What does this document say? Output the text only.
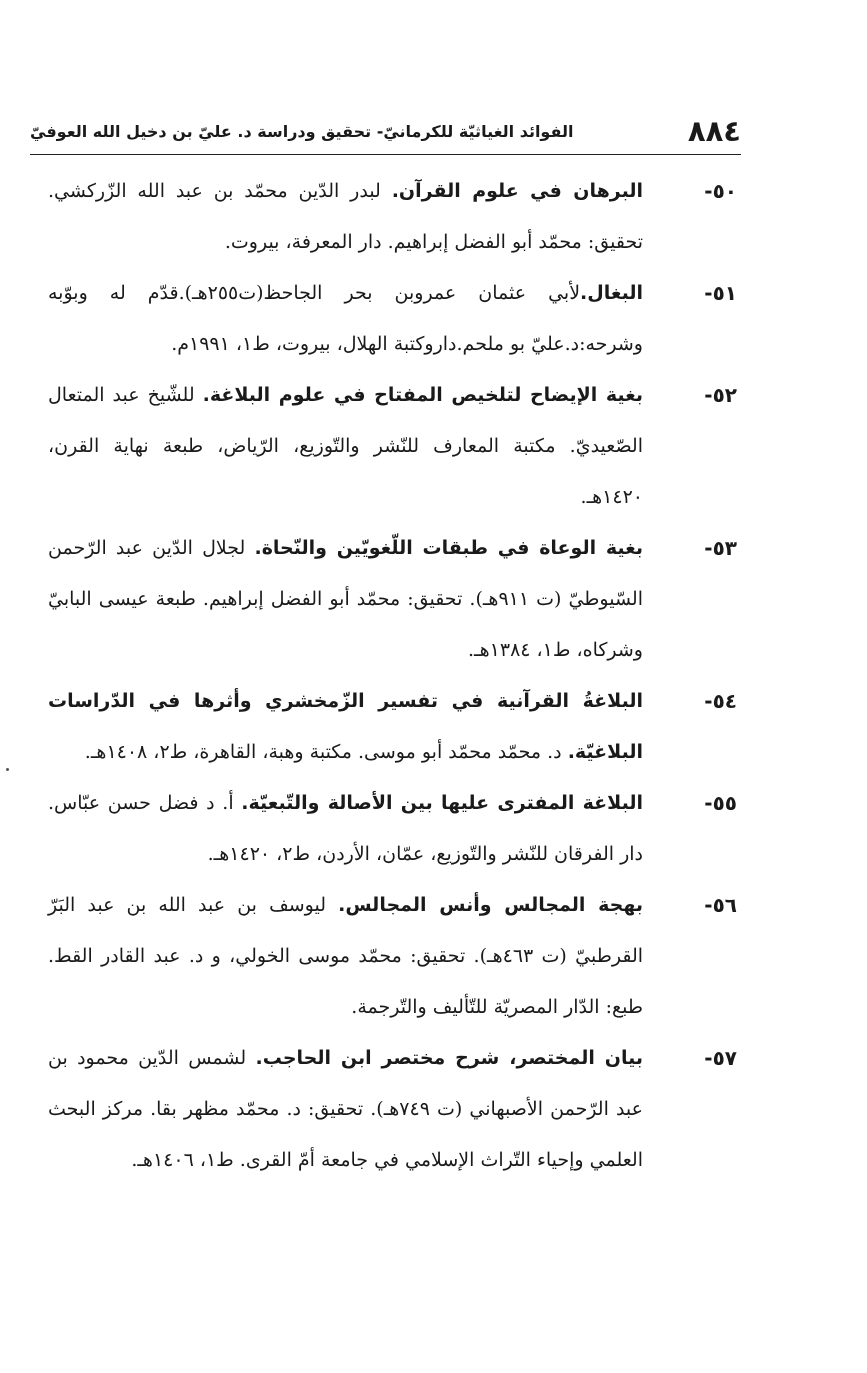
٨٨٤
الفوائد الغياثيّة للكرمانيّ- تحقيق ودراسة د. عليّ بن دخيل الله العوفيّ
٥٠-
البرهان في علوم القرآن. لبدر الدّين محمّد بن عبد الله الزّركشي. تحقيق: محمّد أبو الفضل إبراهيم. دار المعرفة، بيروت.
٥١-
البغال.لأبي عثمان عمروبن بحر الجاحظ(ت٢٥٥هـ).قدّم له وبوّبه وشرحه:د.عليّ بو ملحم.داروكتبة الهلال، بيروت، ط١، ١٩٩١م.
٥٢-
بغية الإيضاح لتلخيص المفتاح في علوم البلاغة. للشّيخ عبد المتعال الصّعيديّ. مكتبة المعارف للنّشر والتّوزيع، الرّياض، طبعة نهاية القرن، ١٤٢٠هـ.
٥٣-
بغية الوعاة في طبقات اللّغويّين والنّحاة. لجلال الدّين عبد الرّحمن السّيوطيّ (ت ٩١١هـ). تحقيق: محمّد أبو الفضل إبراهيم. طبعة عيسى البابيّ وشركاه، ط١، ١٣٨٤هـ.
٥٤-
البلاغةُ القرآنية في تفسير الزّمخشري وأثرها في الدّراسات البلاغيّة. د. محمّد محمّد أبو موسى. مكتبة وهبة، القاهرة، ط٢، ١٤٠٨هـ.
٥٥-
البلاغة المفترى عليها بين الأصالة والتّبعيّة. أ. د فضل حسن عبّاس. دار الفرقان للنّشر والتّوزيع، عمّان، الأردن، ط٢، ١٤٢٠هـ.
٥٦-
بهجة المجالس وأنس المجالس. ليوسف بن عبد الله بن عبد البَرّ القرطبيّ (ت ٤٦٣هـ). تحقيق: محمّد موسى الخولي، و د. عبد القادر القط. طبع: الدّار المصريّة للتّأليف والتّرجمة.
٥٧-
بيان المختصر، شرح مختصر ابن الحاجب. لشمس الدّين محمود بن عبد الرّحمن الأصبهاني (ت ٧٤٩هـ). تحقيق: د. محمّد مظهر بقا. مركز البحث العلمي وإحياء التّراث الإسلامي في جامعة أمّ القرى. ط١، ١٤٠٦هـ.
